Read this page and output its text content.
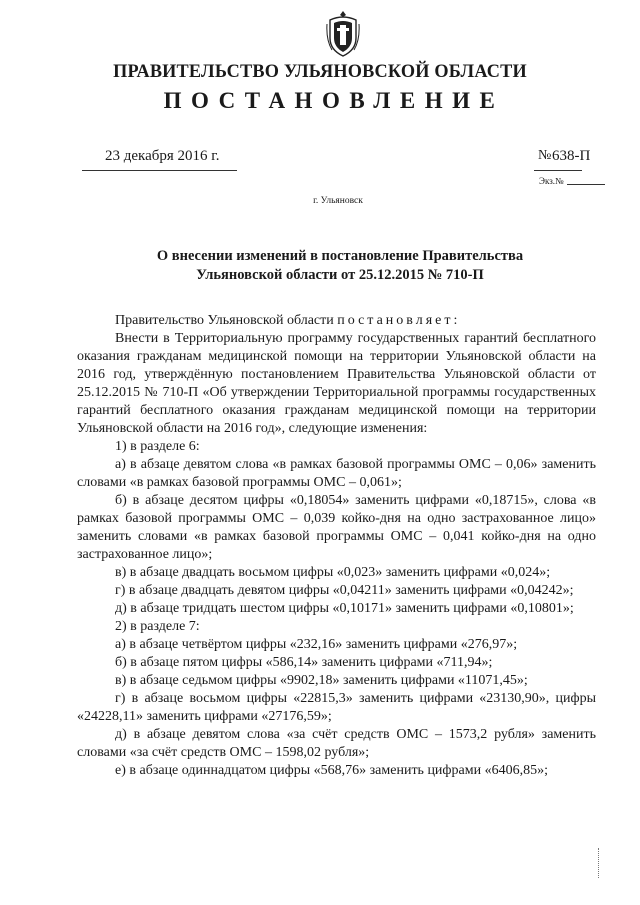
ПРАВИТЕЛЬСТВО УЛЬЯНОВСКОЙ ОБЛАСТИ
ПОСТАНОВЛЕНИЕ
23 декабря 2016 г.	№ 638-П
Экз.№
г. Ульяновск
О внесении изменений в постановление Правительства
Ульяновской области от 25.12.2015 № 710-П

Правительство Ульяновской области постановляет:

Внести в Территориальную программу государственных гарантий бесплатного оказания гражданам медицинской помощи на территории Ульяновской области на 2016 год, утверждённую постановлением Правительства Ульяновской области от 25.12.2015 № 710-П «Об утверждении Территориальной программы государственных гарантий бесплатного оказания гражданам медицинской помощи на территории Ульяновской области на 2016 год», следующие изменения:

1) в разделе 6:

а) в абзаце девятом слова «в рамках базовой программы ОМС – 0,06» заменить словами «в рамках базовой программы ОМС – 0,061»;

б) в абзаце десятом цифры «0,18054» заменить цифрами «0,18715», слова «в рамках базовой программы ОМС – 0,039 койко-дня на одно застрахованное лицо» заменить словами «в рамках базовой программы ОМС – 0,041 койко-дня на одно застрахованное лицо»;

в) в абзаце двадцать восьмом цифры «0,023» заменить цифрами «0,024»;

г) в абзаце двадцать девятом цифры «0,04211» заменить цифрами «0,04242»;

д) в абзаце тридцать шестом цифры «0,10171» заменить цифрами «0,10801»;

2) в разделе 7:

а) в абзаце четвёртом цифры «232,16» заменить цифрами «276,97»;

б) в абзаце пятом цифры «586,14» заменить цифрами «711,94»;

в) в абзаце седьмом цифры «9902,18» заменить цифрами «11071,45»;

г) в абзаце восьмом цифры «22815,3» заменить цифрами «23130,90», цифры «24228,11» заменить цифрами «27176,59»;

д) в абзаце девятом слова «за счёт средств ОМС – 1573,2 рубля» заменить словами «за счёт средств ОМС – 1598,02 рубля»;

е) в абзаце одиннадцатом цифры «568,76» заменить цифрами «6406,85»;
